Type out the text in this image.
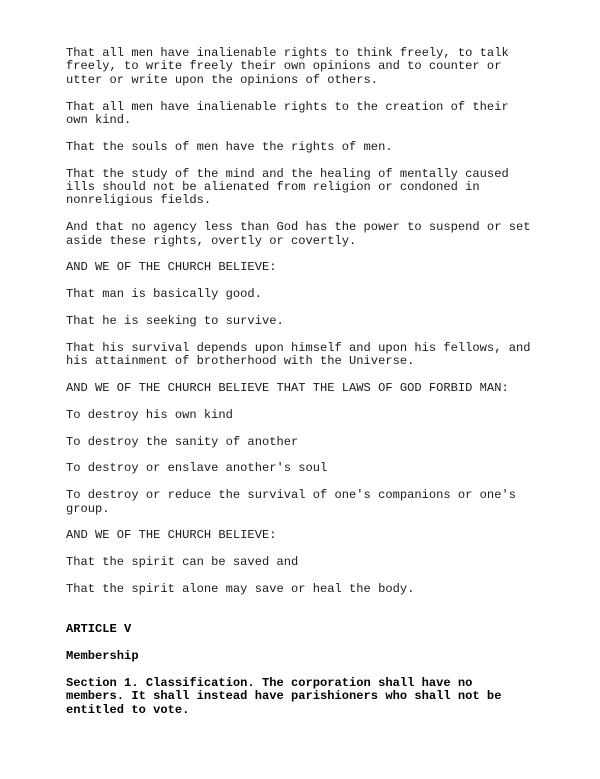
That all men have inalienable rights to think freely, to talk
freely, to write freely their own opinions and to counter or
utter or write upon the opinions of others.

That all men have inalienable rights to the creation of their
own kind.

That the souls of men have the rights of men.

That the study of the mind and the healing of mentally caused
ills should not be alienated from religion or condoned in
nonreligious fields.

And that no agency less than God has the power to suspend or set
aside these rights, overtly or covertly.

AND WE OF THE CHURCH BELIEVE:

That man is basically good.

That he is seeking to survive.

That his survival depends upon himself and upon his fellows, and
his attainment of brotherhood with the Universe.

AND WE OF THE CHURCH BELIEVE THAT THE LAWS OF GOD FORBID MAN:

To destroy his own kind

To destroy the sanity of another

To destroy or enslave another's soul

To destroy or reduce the survival of one's companions or one's
group.

AND WE OF THE CHURCH BELIEVE:

That the spirit can be saved and

That the spirit alone may save or heal the body.

ARTICLE V

Membership

Section 1. Classification. The corporation shall have no
members. It shall instead have parishioners who shall not be
entitled to vote.
